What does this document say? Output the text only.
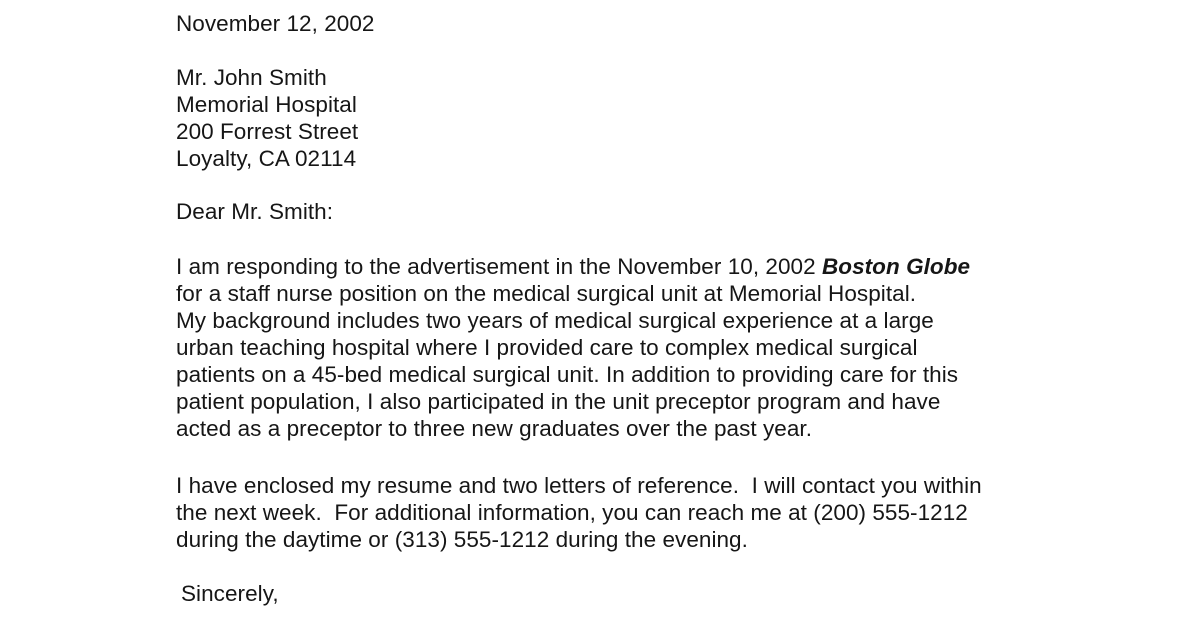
November 12, 2002
Mr. John Smith
Memorial Hospital
200 Forrest Street
Loyalty, CA 02114
Dear Mr. Smith:
I am responding to the advertisement in the November 10, 2002 Boston Globe
for a staff nurse position on the medical surgical unit at Memorial Hospital.
My background includes two years of medical surgical experience at a large
urban teaching hospital where I provided care to complex medical surgical
patients on a 45-bed medical surgical unit. In addition to providing care for this
patient population, I also participated in the unit preceptor program and have
acted as a preceptor to three new graduates over the past year.
I have enclosed my resume and two letters of reference.  I will contact you within
the next week.  For additional information, you can reach me at (200) 555-1212
during the daytime or (313) 555-1212 during the evening.
Sincerely,
